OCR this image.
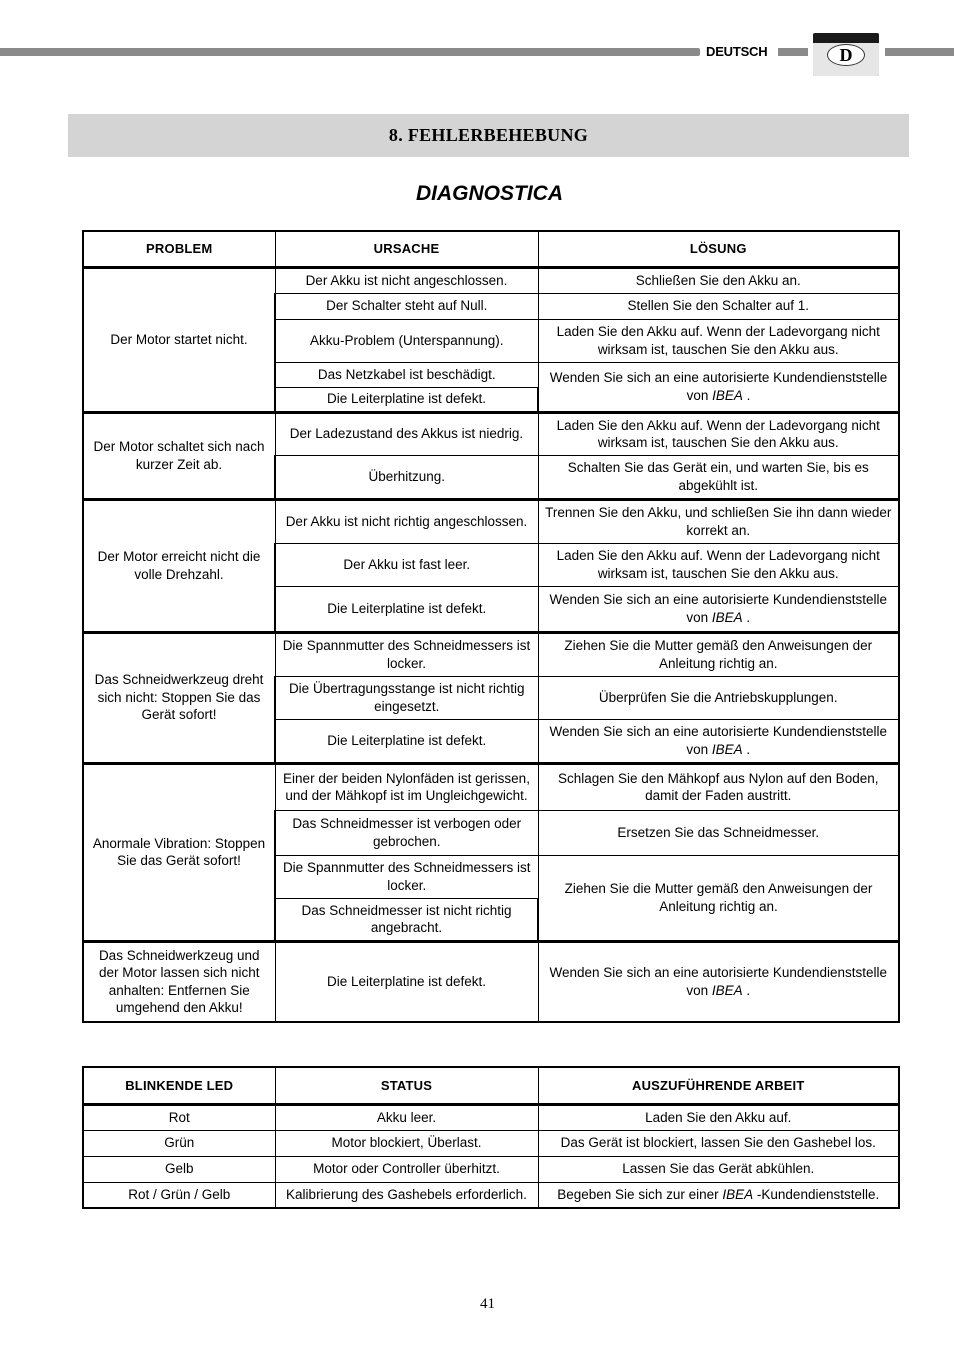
DEUTSCH	D
8. FEHLERBEHEBUNG
DIAGNOSTICA
PROBLEM	URSACHE	LÖSUNG
Der Motor startet nicht.	Der Akku ist nicht angeschlossen.	Schließen Sie den Akku an.
	Der Schalter steht auf Null.	Stellen Sie den Schalter auf 1.
	Akku-Problem (Unterspannung).	Laden Sie den Akku auf. Wenn der Ladevorgang nicht wirksam ist, tauschen Sie den Akku aus.
	Das Netzkabel ist beschädigt.	Wenden Sie sich an eine autorisierte Kundendienststelle von IBEA .
	Die Leiterplatine ist defekt.	
Der Motor schaltet sich nach kurzer Zeit ab.	Der Ladezustand des Akkus ist niedrig.	Laden Sie den Akku auf. Wenn der Ladevorgang nicht wirksam ist, tauschen Sie den Akku aus.
	Überhitzung.	Schalten Sie das Gerät ein, und warten Sie, bis es abgekühlt ist.
Der Motor erreicht nicht die volle Drehzahl.	Der Akku ist nicht richtig angeschlossen.	Trennen Sie den Akku, und schließen Sie ihn dann wieder korrekt an.
	Der Akku ist fast leer.	Laden Sie den Akku auf. Wenn der Ladevorgang nicht wirksam ist, tauschen Sie den Akku aus.
	Die Leiterplatine ist defekt.	Wenden Sie sich an eine autorisierte Kundendienststelle von IBEA .
Das Schneidwerkzeug dreht sich nicht: Stoppen Sie das Gerät sofort!	Die Spannmutter des Schneidmessers ist locker.	Ziehen Sie die Mutter gemäß den Anweisungen der Anleitung richtig an.
	Die Übertragungsstange ist nicht richtig eingesetzt.	Überprüfen Sie die Antriebskupplungen.
	Die Leiterplatine ist defekt.	Wenden Sie sich an eine autorisierte Kundendienststelle von IBEA .
Anormale Vibration: Stoppen Sie das Gerät sofort!	Einer der beiden Nylonfäden ist gerissen, und der Mähkopf ist im Ungleichgewicht.	Schlagen Sie den Mähkopf aus Nylon auf den Boden, damit der Faden austritt.
	Das Schneidmesser ist verbogen oder gebrochen.	Ersetzen Sie das Schneidmesser.
	Die Spannmutter des Schneidmessers ist locker.	Ziehen Sie die Mutter gemäß den Anweisungen der Anleitung richtig an.
	Das Schneidmesser ist nicht richtig angebracht.	
Das Schneidwerkzeug und der Motor lassen sich nicht anhalten: Entfernen Sie umgehend den Akku!	Die Leiterplatine ist defekt.	Wenden Sie sich an eine autorisierte Kundendienststelle von IBEA .
BLINKENDE LED	STATUS	AUSZUFÜHRENDE ARBEIT
Rot	Akku leer.	Laden Sie den Akku auf.
Grün	Motor blockiert, Überlast.	Das Gerät ist blockiert, lassen Sie den Gashebel los.
Gelb	Motor oder Controller überhitzt.	Lassen Sie das Gerät abkühlen.
Rot / Grün / Gelb	Kalibrierung des Gashebels erforderlich.	Begeben Sie sich zur einer IBEA -Kundendienststelle.
41
